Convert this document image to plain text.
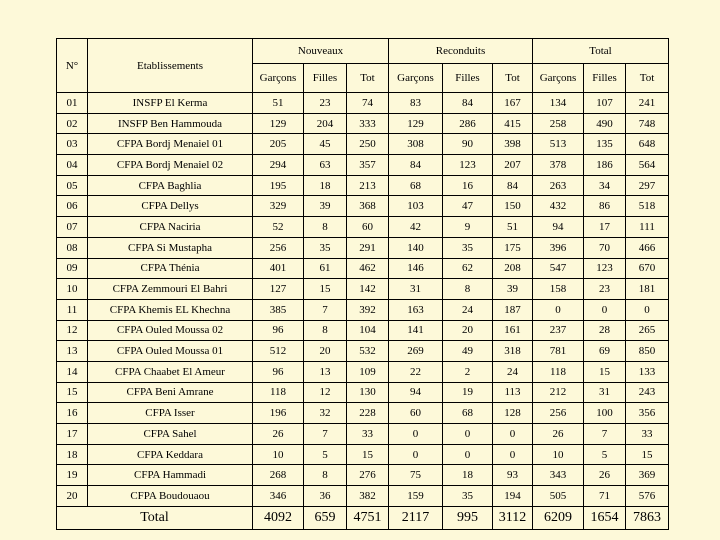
N°	Etablissements	Nouveaux			Reconduits			Total		
		Garçons	Filles	Tot	Garçons	Filles	Tot	Garçons	Filles	Tot
01	INSFP El Kerma	51	23	74	83	84	167	134	107	241
02	INSFP Ben Hammouda	129	204	333	129	286	415	258	490	748
03	CFPA Bordj Menaiel 01	205	45	250	308	90	398	513	135	648
04	CFPA Bordj Menaiel 02	294	63	357	84	123	207	378	186	564
05	CFPA Baghlia	195	18	213	68	16	84	263	34	297
06	CFPA Dellys	329	39	368	103	47	150	432	86	518
07	CFPA Naciria	52	8	60	42	9	51	94	17	111
08	CFPA Si Mustapha	256	35	291	140	35	175	396	70	466
09	CFPA Thénia	401	61	462	146	62	208	547	123	670
10	CFPA Zemmouri El Bahri	127	15	142	31	8	39	158	23	181
11	CFPA Khemis EL Khechna	385	7	392	163	24	187	0	0	0
12	CFPA Ouled Moussa 02	96	8	104	141	20	161	237	28	265
13	CFPA Ouled Moussa 01	512	20	532	269	49	318	781	69	850
14	CFPA Chaabet El Ameur	96	13	109	22	2	24	118	15	133
15	CFPA Beni Amrane	118	12	130	94	19	113	212	31	243
16	CFPA Isser	196	32	228	60	68	128	256	100	356
17	CFPA Sahel	26	7	33	0	0	0	26	7	33
18	CFPA Keddara	10	5	15	0	0	0	10	5	15
19	CFPA Hammadi	268	8	276	75	18	93	343	26	369
20	CFPA Boudouaou	346	36	382	159	35	194	505	71	576
Total		4092	659	4751	2117	995	3112	6209	1654	7863
